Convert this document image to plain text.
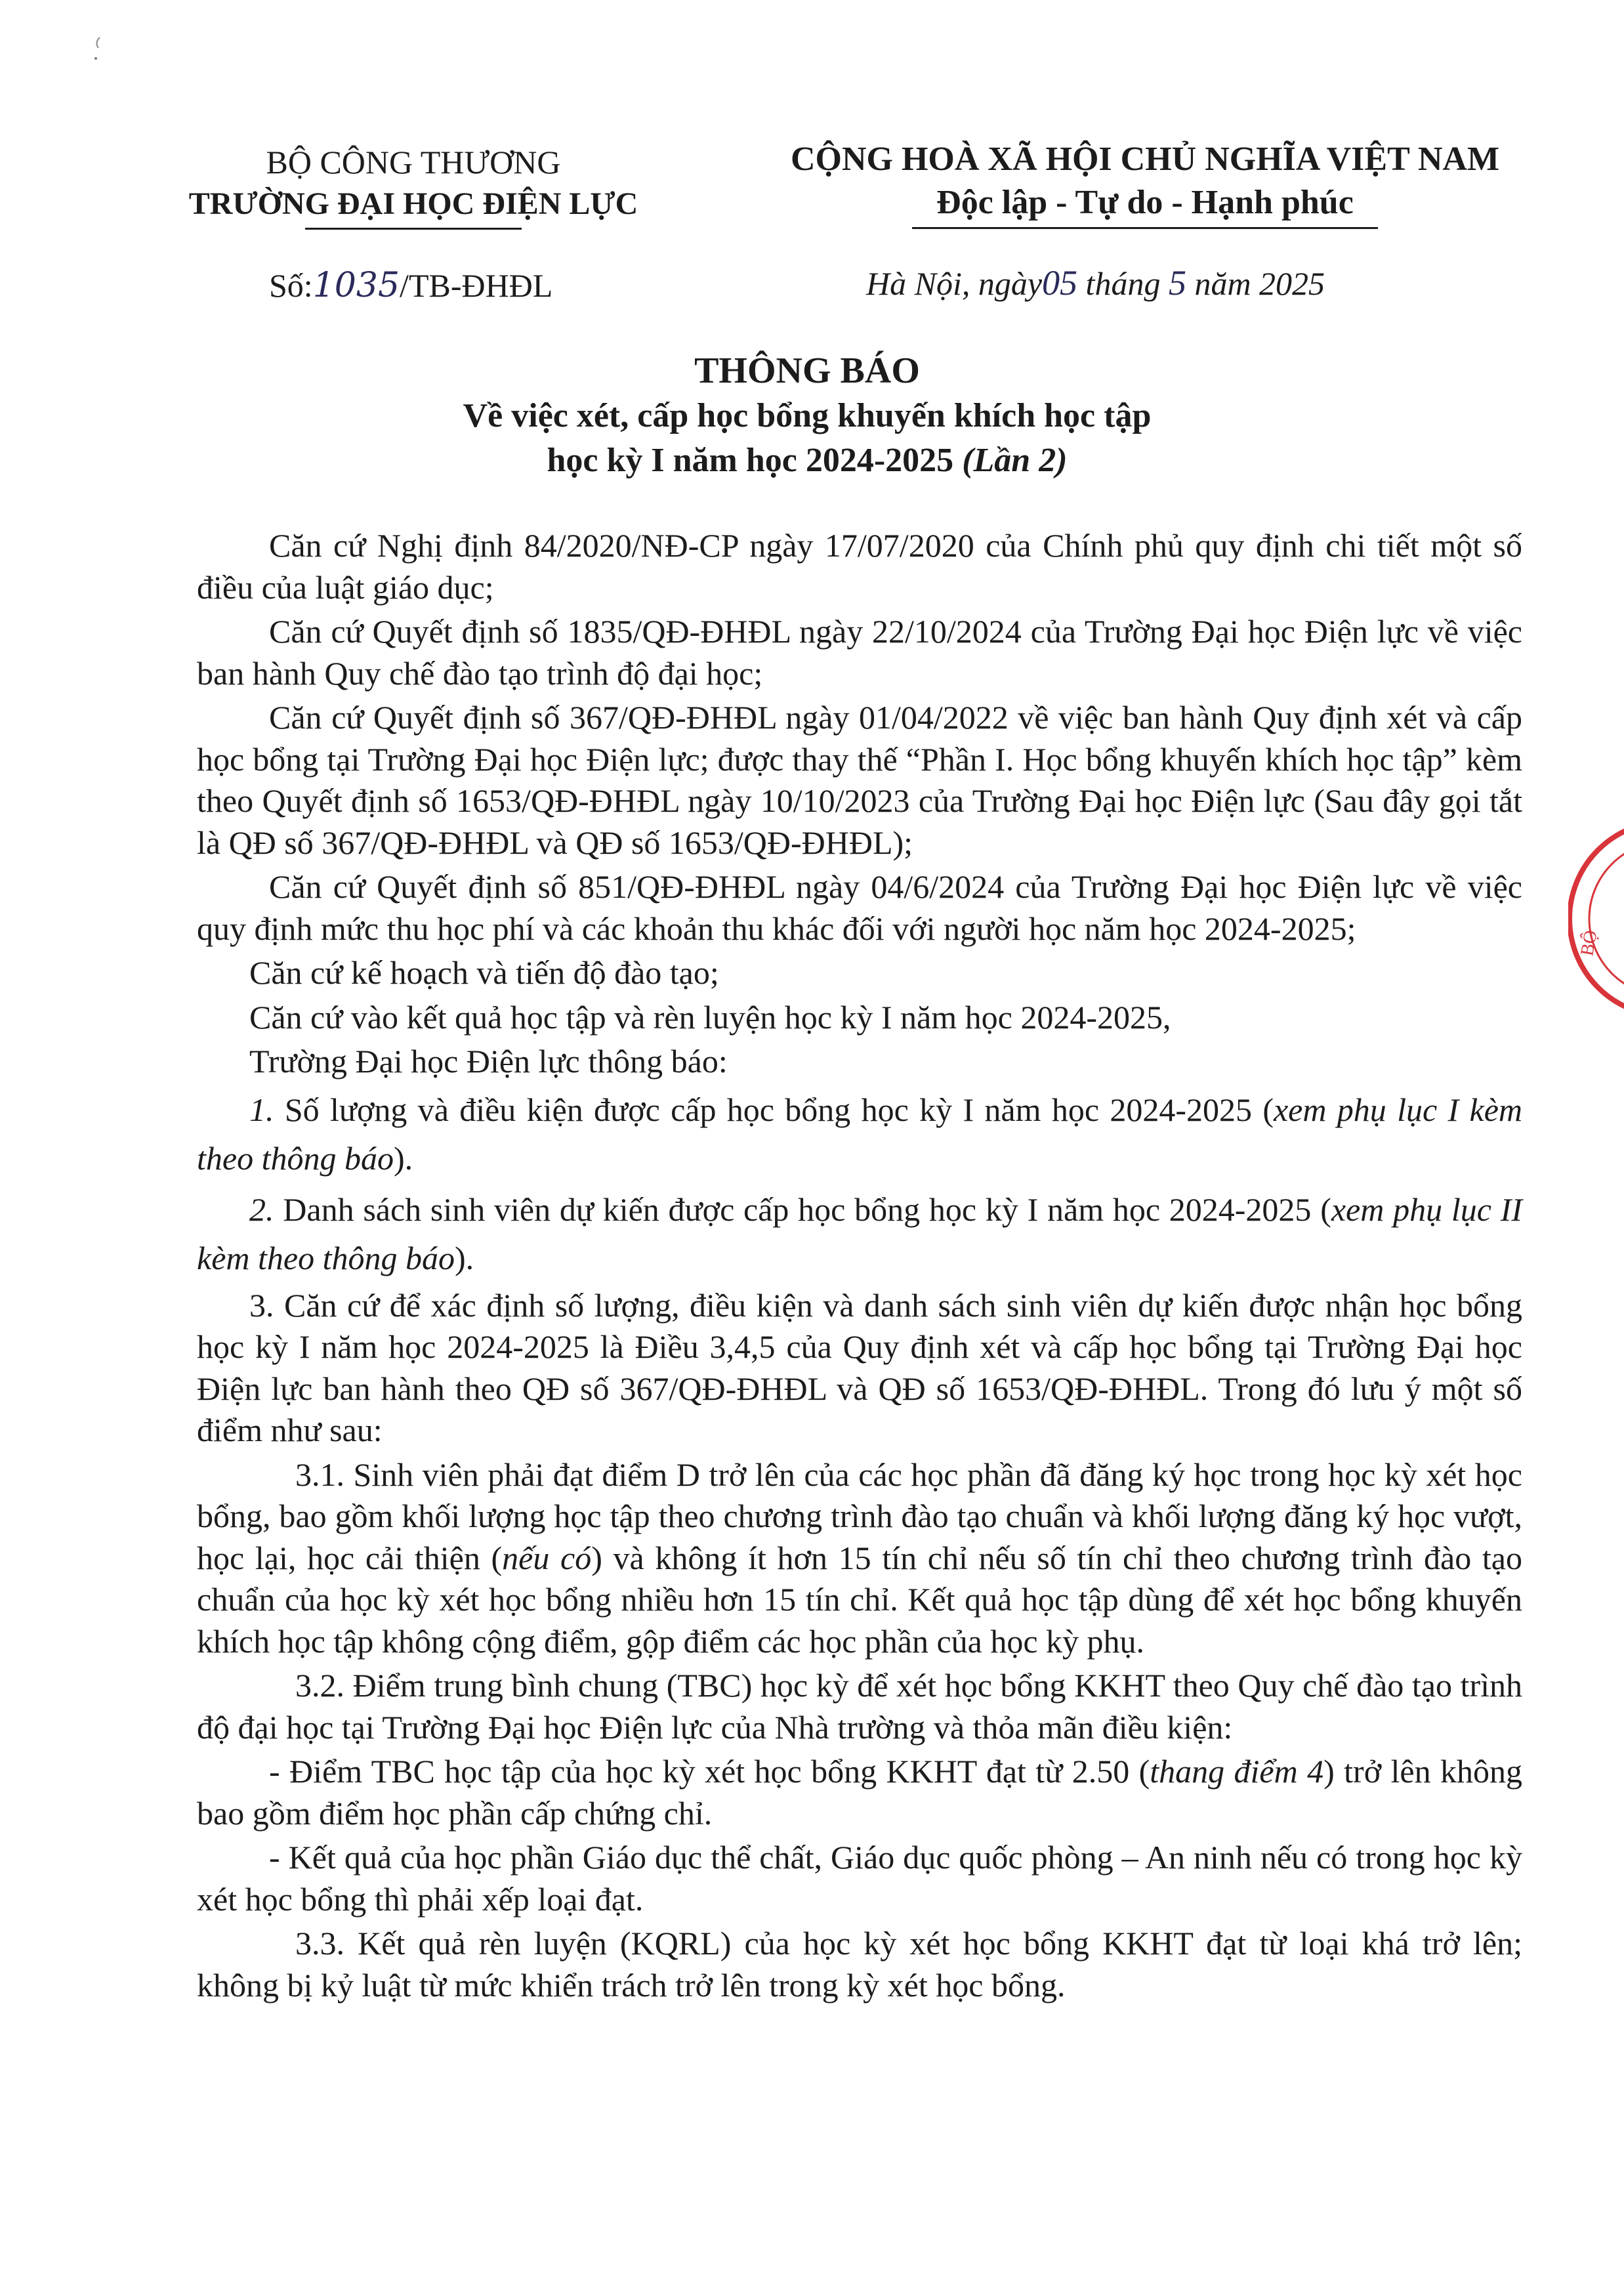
BỘ CÔNG THƯƠNG
TRƯỜNG ĐẠI HỌC ĐIỆN LỰC
CỘNG HOÀ XÃ HỘI CHỦ NGHĨA VIỆT NAM
Độc lập - Tự do - Hạnh phúc
Số:1035/TB-ĐHĐL	Hà Nội, ngày05 tháng 5 năm 2025
THÔNG BÁO
Về việc xét, cấp học bổng khuyến khích học tập
học kỳ I năm học 2024-2025 (Lần 2)

Căn cứ Nghị định 84/2020/NĐ-CP ngày 17/07/2020 của Chính phủ quy định chi tiết một số điều của luật giáo dục;

Căn cứ Quyết định số 1835/QĐ-ĐHĐL ngày 22/10/2024 của Trường Đại học Điện lực về việc ban hành Quy chế đào tạo trình độ đại học;

Căn cứ Quyết định số 367/QĐ-ĐHĐL ngày 01/04/2022 về việc ban hành Quy định xét và cấp học bổng tại Trường Đại học Điện lực; được thay thế “Phần I. Học bổng khuyến khích học tập” kèm theo Quyết định số 1653/QĐ-ĐHĐL ngày 10/10/2023 của Trường Đại học Điện lực (Sau đây gọi tắt là QĐ số 367/QĐ-ĐHĐL và QĐ số 1653/QĐ-ĐHĐL);

Căn cứ Quyết định số 851/QĐ-ĐHĐL ngày 04/6/2024 của Trường Đại học Điện lực về việc quy định mức thu học phí và các khoản thu khác đối với người học năm học 2024-2025;

Căn cứ kế hoạch và tiến độ đào tạo;

Căn cứ vào kết quả học tập và rèn luyện học kỳ I năm học 2024-2025,

Trường Đại học Điện lực thông báo:

1. Số lượng và điều kiện được cấp học bổng học kỳ I năm học 2024-2025 (xem phụ lục I kèm theo thông báo).

2. Danh sách sinh viên dự kiến được cấp học bổng học kỳ I năm học 2024-2025 (xem phụ lục II kèm theo thông báo).

3. Căn cứ để xác định số lượng, điều kiện và danh sách sinh viên dự kiến được nhận học bổng học kỳ I năm học 2024-2025 là Điều 3,4,5 của Quy định xét và cấp học bổng tại Trường Đại học Điện lực ban hành theo QĐ số 367/QĐ-ĐHĐL và QĐ số 1653/QĐ-ĐHĐL. Trong đó lưu ý một số điểm như sau:

3.1. Sinh viên phải đạt điểm D trở lên của các học phần đã đăng ký học trong học kỳ xét học bổng, bao gồm khối lượng học tập theo chương trình đào tạo chuẩn và khối lượng đăng ký học vượt, học lại, học cải thiện (nếu có) và không ít hơn 15 tín chỉ nếu số tín chỉ theo chương trình đào tạo chuẩn của học kỳ xét học bổng nhiều hơn 15 tín chỉ. Kết quả học tập dùng để xét học bổng khuyến khích học tập không cộng điểm, gộp điểm các học phần của học kỳ phụ.

3.2. Điểm trung bình chung (TBC) học kỳ để xét học bổng KKHT theo Quy chế đào tạo trình độ đại học tại Trường Đại học Điện lực của Nhà trường và thỏa mãn điều kiện:

- Điểm TBC học tập của học kỳ xét học bổng KKHT đạt từ 2.50 (thang điểm 4) trở lên không bao gồm điểm học phần cấp chứng chỉ.

- Kết quả của học phần Giáo dục thể chất, Giáo dục quốc phòng – An ninh nếu có trong học kỳ xét học bổng thì phải xếp loại đạt.

3.3. Kết quả rèn luyện (KQRL) của học kỳ xét học bổng KKHT đạt từ loại khá trở lên; không bị kỷ luật từ mức khiển trách trở lên trong kỳ xét học bổng.

BỘ
